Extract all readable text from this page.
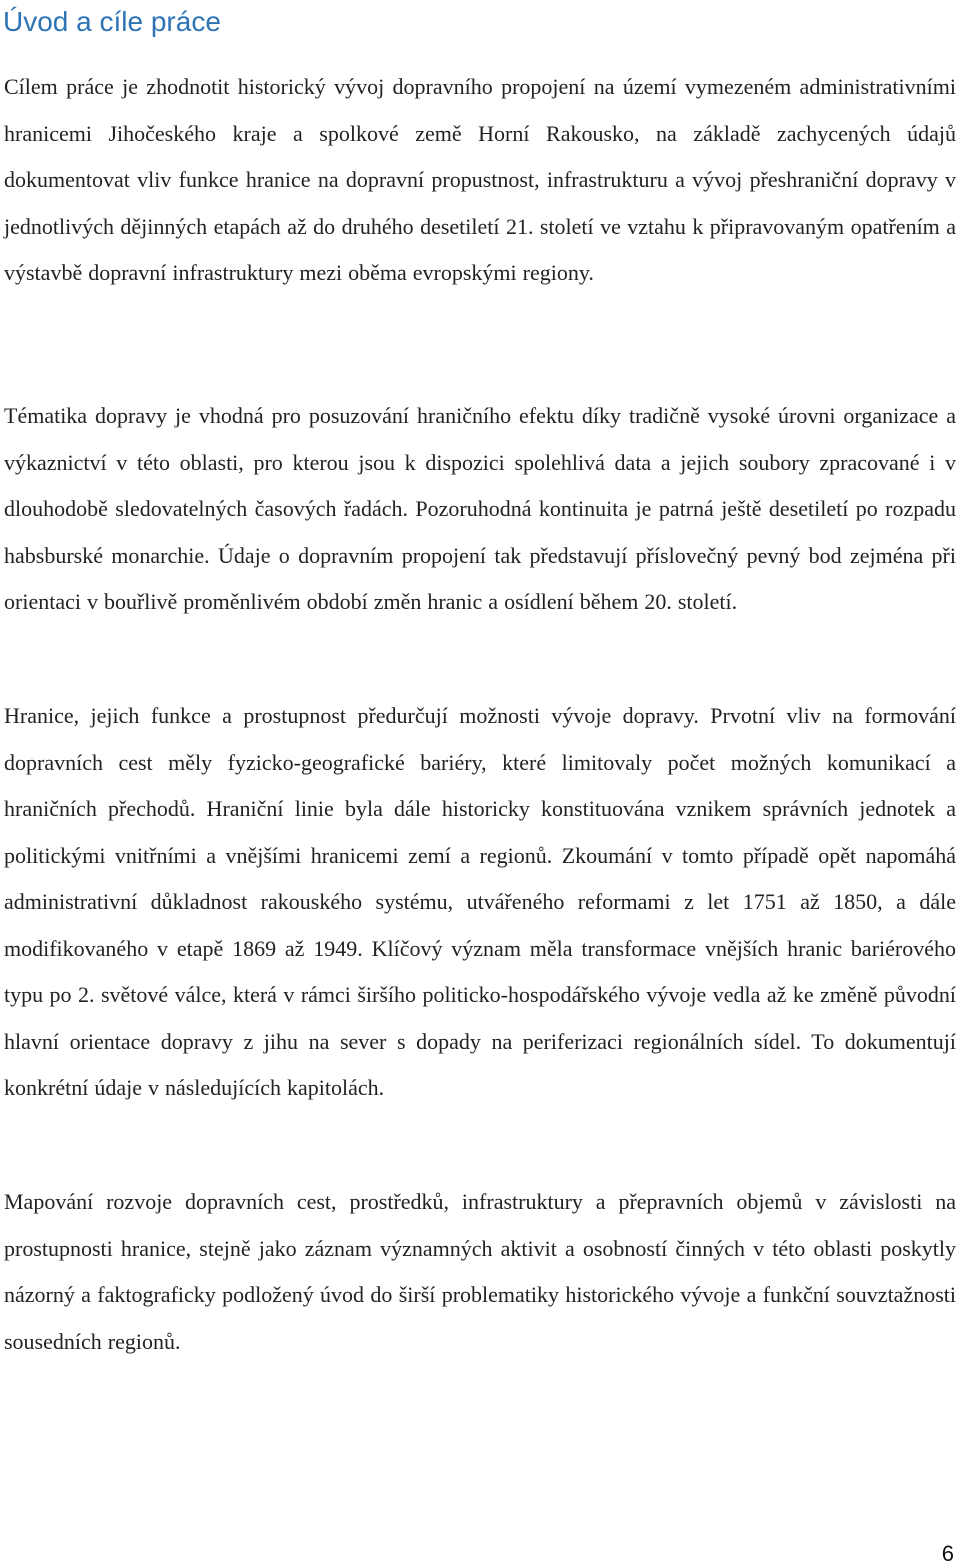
Úvod a cíle práce

Cílem práce je zhodnotit historický vývoj dopravního propojení na území vymezeném administrativními hranicemi Jihočeského kraje a spolkové země Horní Rakousko, na základě zachycených údajů dokumentovat vliv funkce hranice na dopravní propustnost, infrastrukturu a vývoj přeshraniční dopravy v jednotlivých dějinných etapách až do druhého desetiletí 21. století ve vztahu k připravovaným opatřením a výstavbě dopravní infrastruktury mezi oběma evropskými regiony.

Tématika dopravy je vhodná pro posuzování hraničního efektu díky tradičně vysoké úrovni organizace a výkaznictví v této oblasti, pro kterou jsou k dispozici spolehlivá data a jejich soubory zpracované i v dlouhodobě sledovatelných časových řadách. Pozoruhodná kontinuita je patrná ještě desetiletí po rozpadu habsburské monarchie. Údaje o dopravním propojení tak představují příslovečný pevný bod zejména při orientaci v bouřlivě proměnlivém období změn hranic a osídlení během 20. století.

Hranice, jejich funkce a prostupnost předurčují možnosti vývoje dopravy. Prvotní vliv na formování dopravních cest měly fyzicko-geografické bariéry, které limitovaly počet možných komunikací a hraničních přechodů. Hraniční linie byla dále historicky konstituována vznikem správních jednotek a politickými vnitřními a vnějšími hranicemi zemí a regionů. Zkoumání v tomto případě opět napomáhá administrativní důkladnost rakouského systému, utvářeného reformami z let 1751 až 1850, a dále modifikovaného v etapě 1869 až 1949. Klíčový význam měla transformace vnějších hranic bariérového typu po 2. světové válce, která v rámci širšího politicko-hospodářského vývoje vedla až ke změně původní hlavní orientace dopravy z jihu na sever s dopady na periferizaci regionálních sídel. To dokumentují konkrétní údaje v následujících kapitolách.

Mapování rozvoje dopravních cest, prostředků, infrastruktury a přepravních objemů v závislosti na prostupnosti hranice, stejně jako záznam významných aktivit a osobností činných v této oblasti poskytly názorný a faktograficky podložený úvod do širší problematiky historického vývoje a funkční souvztažnosti sousedních regionů.

6
